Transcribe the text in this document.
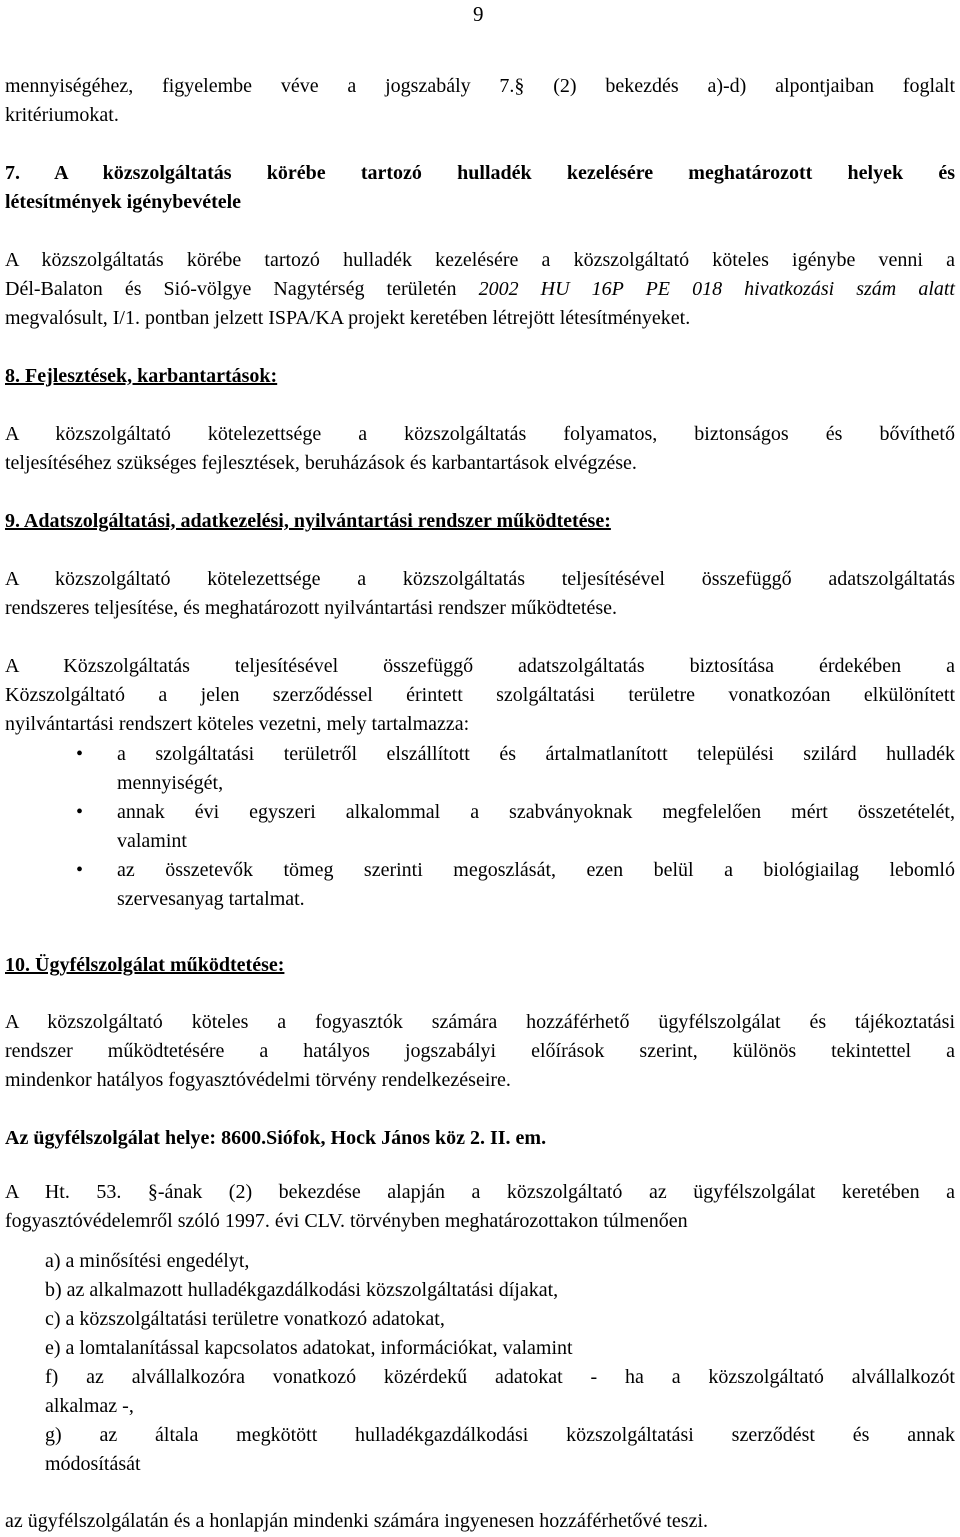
9
mennyiségéhez, figyelembe véve a jogszabály 7.§ (2) bekezdés a)-d) alpontjaiban foglalt
kritériumokat.
7. A közszolgáltatás körébe tartozó hulladék kezelésére meghatározott helyek és
létesítmények igénybevétele
A közszolgáltatás körébe tartozó hulladék kezelésére a közszolgáltató köteles igénybe venni a
Dél-Balaton és Sió-völgye Nagytérség területén 2002 HU 16P PE 018 hivatkozási szám alatt
megvalósult, I/1. pontban jelzett ISPA/KA projekt keretében létrejött létesítményeket.
8. Fejlesztések, karbantartások:
A közszolgáltató kötelezettsége a közszolgáltatás folyamatos, biztonságos és bővíthető
teljesítéséhez szükséges fejlesztések, beruházások és karbantartások elvégzése.
9. Adatszolgáltatási, adatkezelési, nyilvántartási rendszer működtetése:
A közszolgáltató kötelezettsége a közszolgáltatás teljesítésével összefüggő adatszolgáltatás
rendszeres teljesítése, és meghatározott nyilvántartási rendszer működtetése.
A Közszolgáltatás teljesítésével összefüggő adatszolgáltatás biztosítása érdekében a
Közszolgáltató a jelen szerződéssel érintett szolgáltatási területre vonatkozóan elkülönített
nyilvántartási rendszert köteles vezetni, mely tartalmazza:
• a szolgáltatási területről elszállított és ártalmatlanított települési szilárd hulladék
mennyiségét,
• annak évi egyszeri alkalommal a szabványoknak megfelelően mért összetételét,
valamint
• az összetevők tömeg szerinti megoszlását, ezen belül a biológiailag lebomló
szervesanyag tartalmat.
10. Ügyfélszolgálat működtetése:
A közszolgáltató köteles a fogyasztók számára hozzáférhető ügyfélszolgálat és tájékoztatási
rendszer működtetésére a hatályos jogszabályi előírások szerint, különös tekintettel a
mindenkor hatályos fogyasztóvédelmi törvény rendelkezéseire.
Az ügyfélszolgálat helye: 8600.Siófok, Hock János köz 2. II. em.
A Ht. 53. §-ának (2) bekezdése alapján a közszolgáltató az ügyfélszolgálat keretében a
fogyasztóvédelemről szóló 1997. évi CLV. törvényben meghatározottakon túlmenően
a) a minősítési engedélyt,
b) az alkalmazott hulladékgazdálkodási közszolgáltatási díjakat,
c) a közszolgáltatási területre vonatkozó adatokat,
e) a lomtalanítással kapcsolatos adatokat, információkat, valamint
f) az alvállalkozóra vonatkozó közérdekű adatokat - ha a közszolgáltató alvállalkozót
alkalmaz -,
g) az általa megkötött hulladékgazdálkodási közszolgáltatási szerződést és annak
módosítását
az ügyfélszolgálatán és a honlapján mindenki számára ingyenesen hozzáférhetővé teszi.
